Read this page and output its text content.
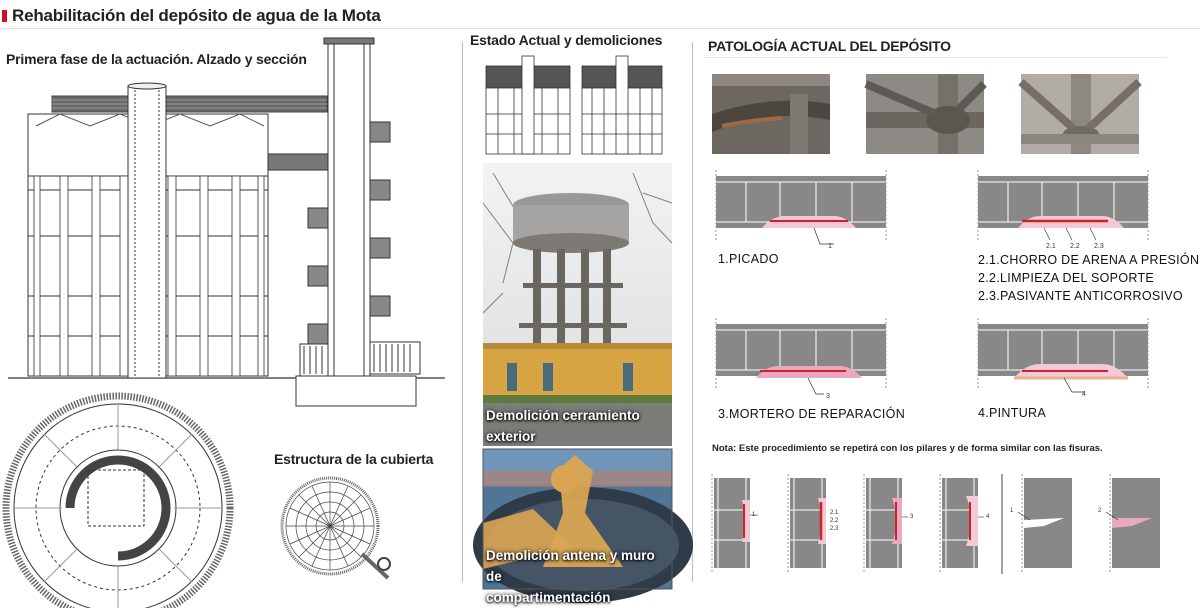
Rehabilitación del depósito de agua de la Mota
Primera fase de la actuación. Alzado y sección
Estructura de la cubierta
Estado Actual y demoliciones
Demolición cerramiento
exterior
Demolición antena y muro de
compartimentación
PATOLOGÍA ACTUAL DEL DEPÓSITO
1
1.PICADO
2.1 2.2 2.3
2.1.CHORRO DE ARENA A PRESIÓN
2.2.LIMPIEZA DEL SOPORTE
2.3.PASIVANTE ANTICORROSIVO
3
3.MORTERO DE REPARACIÓN
4
4.PINTURA
Nota: Este procedimiento se repetirá con los pilares y de forma similar con las fisuras.
1	2.1
2.2
2.3
3	4
1	2
